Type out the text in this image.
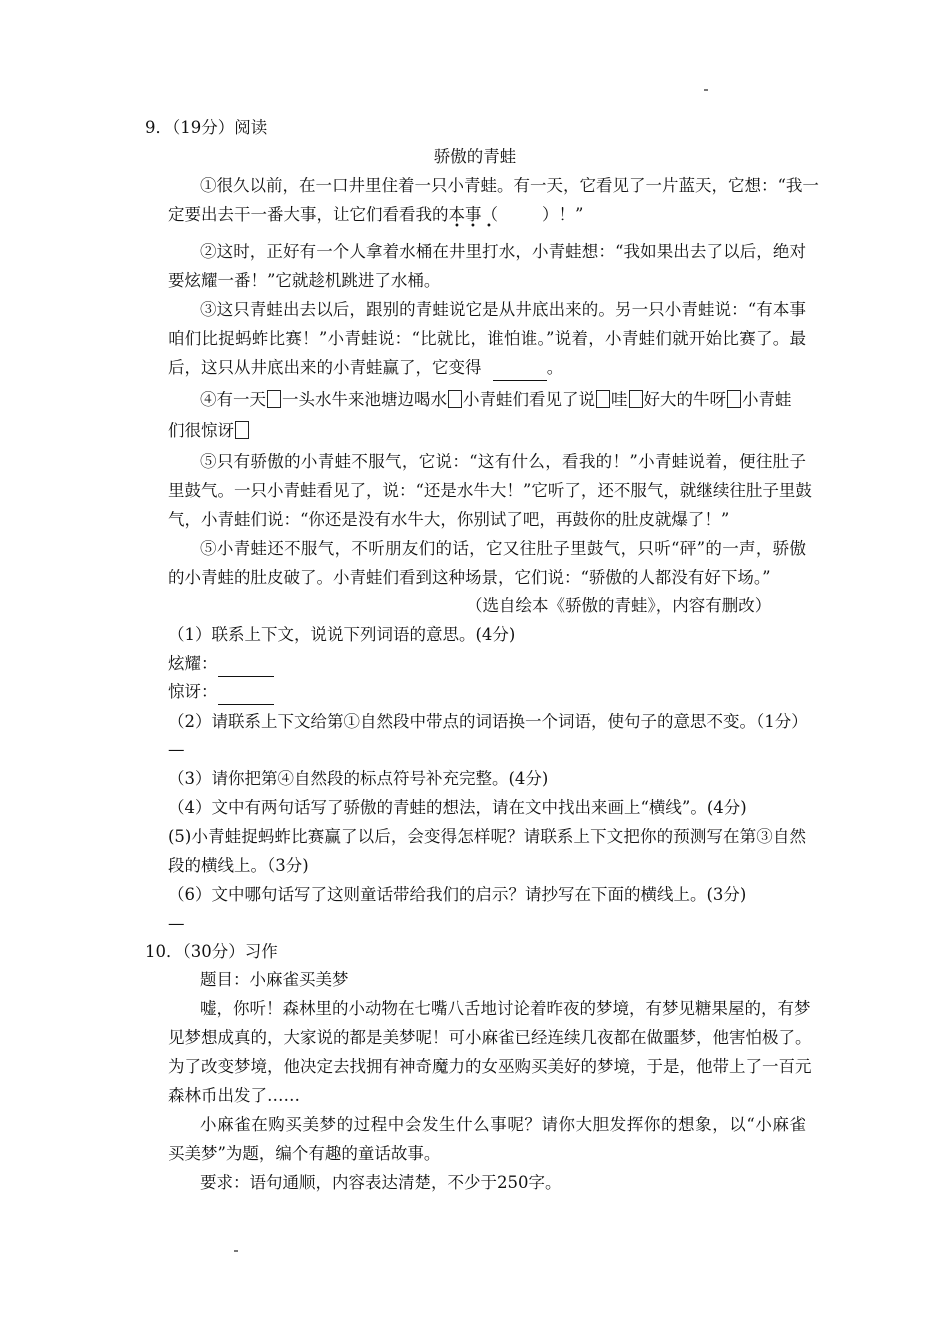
9．（19分）阅读
骄傲的青蛙
①很久以前，在一口井里住着一只小青蛙。有一天，它看见了一片蓝天，它想：“我一
定要出去干一番大事，让它们看看我的本事（	）！”
• • •
②这时，正好有一个人拿着水桶在井里打水，小青蛙想：“我如果出去了以后，绝对
要炫耀一番！”它就趁机跳进了水桶。
③这只青蛙出去以后，跟别的青蛙说它是从井底出来的。另一只小青蛙说：“有本事
咱们比捉蚂蚱比赛！”小青蛙说：“比就比，谁怕谁。”说着，小青蛙们就开始比赛了。最
后，这只从井底出来的小青蛙赢了，它变得	。
④有一天 一头水牛来池塘边喝水 小青蛙们看见了说 哇 好大的牛呀 小青蛙
们很惊讶
⑤只有骄傲的小青蛙不服气，它说：“这有什么，看我的！”小青蛙说着，便往肚子
里鼓气。一只小青蛙看见了，说：“还是水牛大！”它听了，还不服气，就继续往肚子里鼓
气，小青蛙们说：“你还是没有水牛大，你别试了吧，再鼓你的肚皮就爆了！”
⑤小青蛙还不服气，不听朋友们的话，它又往肚子里鼓气，只听“砰”的一声，骄傲
的小青蛙的肚皮破了。小青蛙们看到这种场景，它们说：“骄傲的人都没有好下场。”
（选自绘本《骄傲的青蛙》，内容有删改）
（1）联系上下文，说说下列词语的意思。(4分)
炫耀：
惊讶：
（2）请联系上下文给第①自然段中带点的词语换一个词语，使句子的意思不变。（1分）
—
（3）请你把第④自然段的标点符号补充完整。(4分)
（4）文中有两句话写了骄傲的青蛙的想法，请在文中找出来画上“横线”。(4分)
(5)小青蛙捉蚂蚱比赛赢了以后，会变得怎样呢？请联系上下文把你的预测写在第③自然
段的横线上。（3分)
（6）文中哪句话写了这则童话带给我们的启示？请抄写在下面的横线上。(3分)
—
10．（30分）习作
题目：小麻雀买美梦
嘘，你听！森林里的小动物在七嘴八舌地讨论着昨夜的梦境，有梦见糖果屋的，有梦
见梦想成真的，大家说的都是美梦呢！可小麻雀已经连续几夜都在做噩梦，他害怕极了。
为了改变梦境，他决定去找拥有神奇魔力的女巫购买美好的梦境，于是，他带上了一百元
森林币出发了……
小麻雀在购买美梦的过程中会发生什么事呢？请你大胆发挥你的想象，以“小麻雀
买美梦”为题，编个有趣的童话故事。
要求：语句通顺，内容表达清楚，不少于250字。
